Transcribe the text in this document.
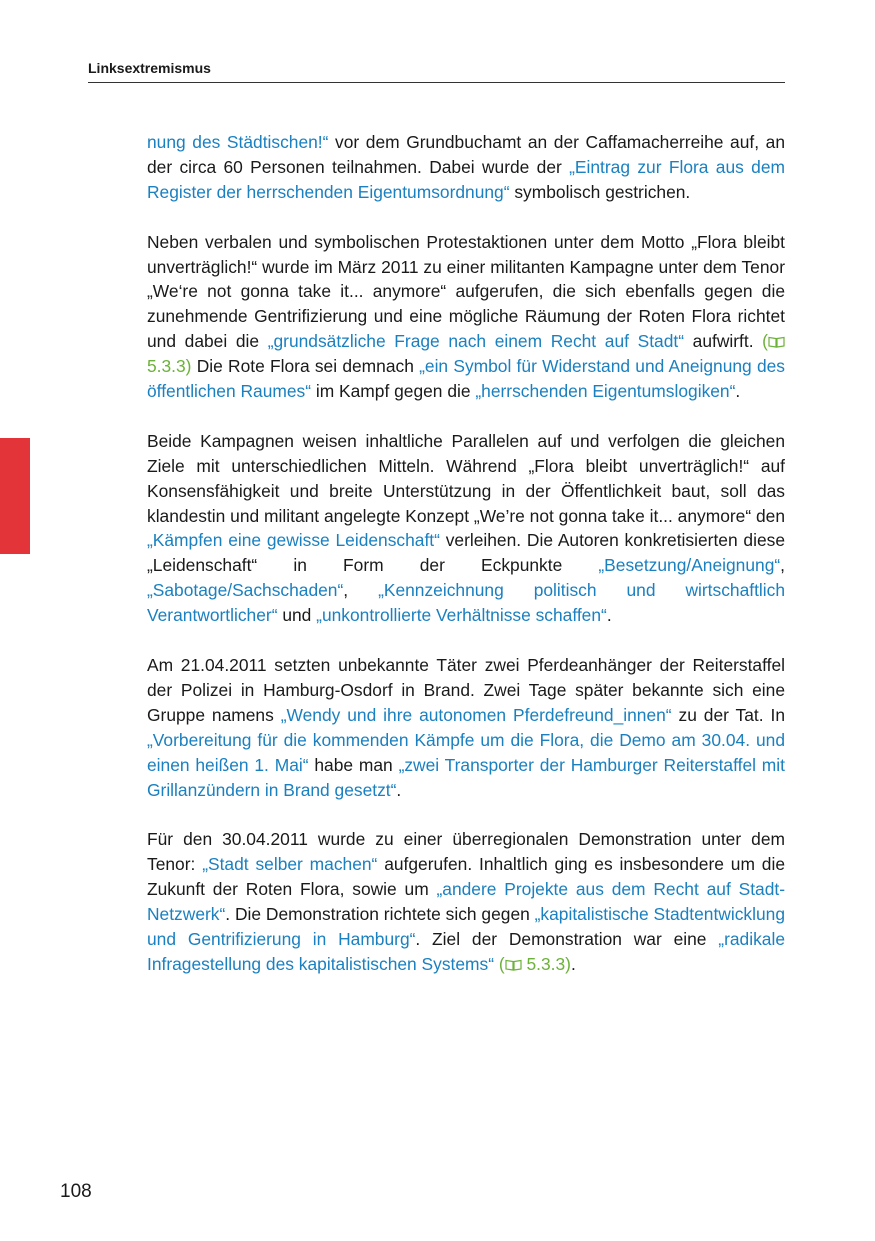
Linksextremismus

nung des Städtischen!“ vor dem Grundbuchamt an der Caffamacherreihe auf, an der circa 60 Personen teilnahmen. Dabei wurde der „Eintrag zur Flora aus dem Register der herrschenden Eigentumsordnung“ symbolisch gestrichen.

Neben verbalen und symbolischen Protestaktionen unter dem Motto „Flora bleibt unverträglich!“ wurde im März 2011 zu einer militanten Kampagne unter dem Tenor „We‘re not gonna take it... anymore“ aufgerufen, die sich ebenfalls gegen die zunehmende Gentrifizierung und eine mögliche Räumung der Roten Flora richtet und dabei die „grundsätzliche Frage nach einem Recht auf Stadt“ aufwirft. ( 5.3.3) Die Rote Flora sei demnach „ein Symbol für Widerstand und Aneignung des öffentlichen Raumes“ im Kampf gegen die „herrschenden Eigentumslogiken“.

Beide Kampagnen weisen inhaltliche Parallelen auf und verfolgen die gleichen Ziele mit unterschiedlichen Mitteln. Während „Flora bleibt unverträglich!“ auf Konsensfähigkeit und breite Unterstützung in der Öffentlichkeit baut, soll das klandestin und militant angelegte Konzept „We’re not gonna take it... anymore“ den „Kämpfen eine gewisse Leidenschaft“ verleihen. Die Autoren konkretisierten diese „Leidenschaft“ in Form der Eckpunkte „Besetzung/Aneignung“, „Sabotage/Sachschaden“, „Kennzeichnung politisch und wirtschaftlich Verantwortlicher“ und „unkontrollierte Verhältnisse schaffen“.

Am 21.04.2011 setzten unbekannte Täter zwei Pferdeanhänger der Reiterstaffel der Polizei in Hamburg-Osdorf in Brand. Zwei Tage später bekannte sich eine Gruppe namens „Wendy und ihre autonomen Pferdefreund_innen“ zu der Tat. In „Vorbereitung für die kommenden Kämpfe um die Flora, die Demo am 30.04. und einen heißen 1. Mai“ habe man „zwei Transporter der Hamburger Reiterstaffel mit Grillanzündern in Brand gesetzt“.

Für den 30.04.2011 wurde zu einer überregionalen Demonstration unter dem Tenor: „Stadt selber machen“ aufgerufen. Inhaltlich ging es insbesondere um die Zukunft der Roten Flora, sowie um „andere Projekte aus dem Recht auf Stadt-Netzwerk“. Die Demonstration richtete sich gegen „kapitalistische Stadtentwicklung und Gentrifizierung in Hamburg“. Ziel der Demonstration war eine „radikale Infragestellung des kapitalistischen Systems“ ( 5.3.3).

108
